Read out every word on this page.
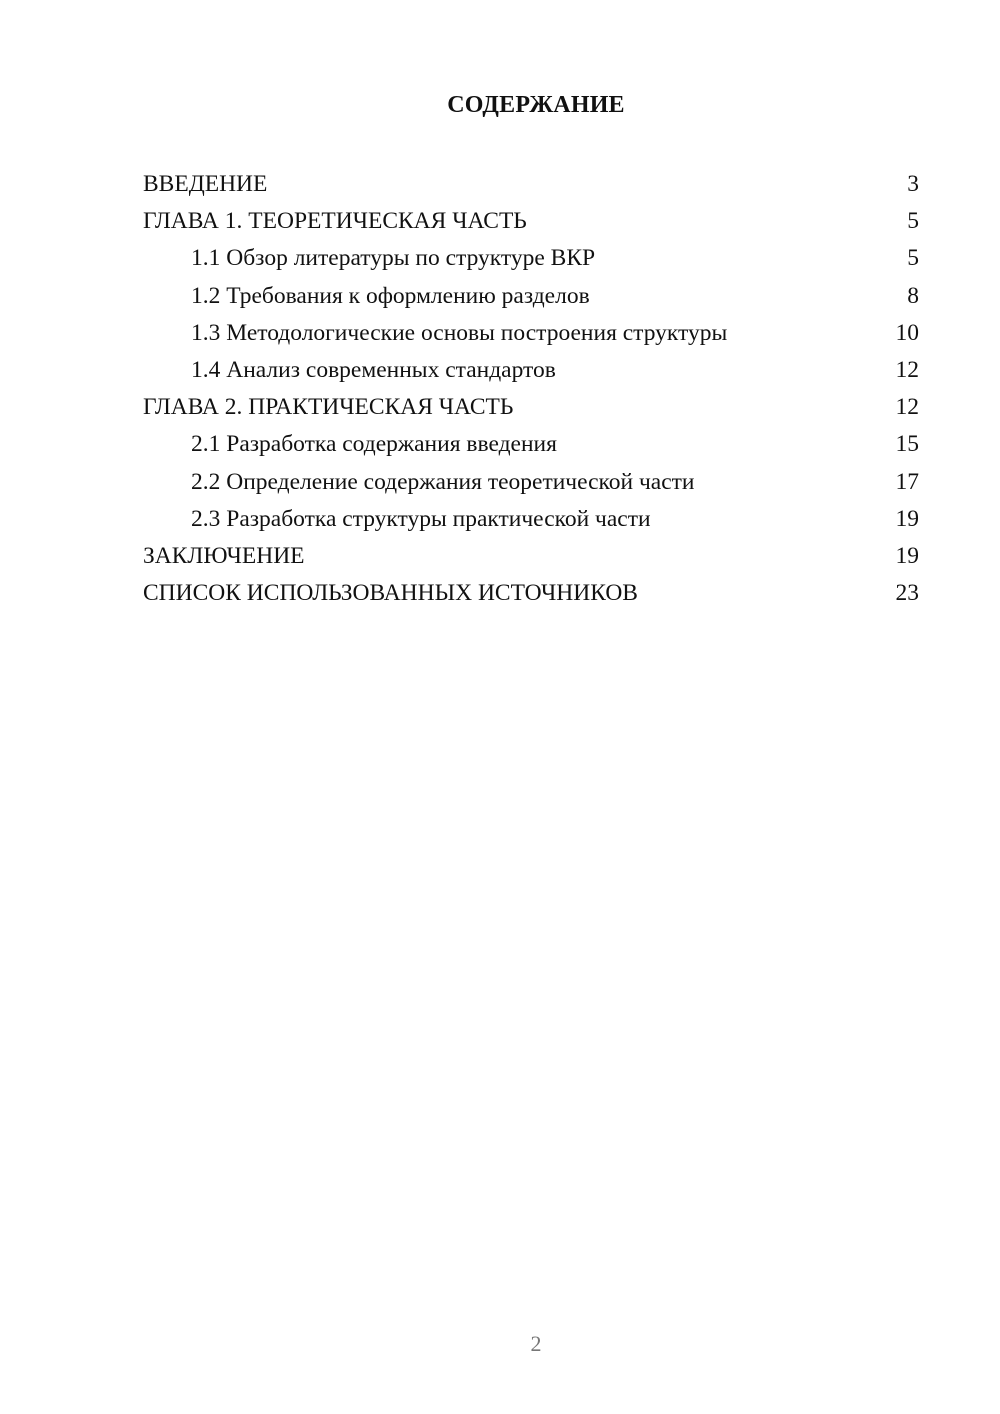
СОДЕРЖАНИЕ
ВВЕДЕНИЕ	3
ГЛАВА 1. ТЕОРЕТИЧЕСКАЯ ЧАСТЬ	5
1.1 Обзор литературы по структуре ВКР	5
1.2 Требования к оформлению разделов	8
1.3 Методологические основы построения структуры	10
1.4 Анализ современных стандартов	12
ГЛАВА 2. ПРАКТИЧЕСКАЯ ЧАСТЬ	12
2.1 Разработка содержания введения	15
2.2 Определение содержания теоретической части	17
2.3 Разработка структуры практической части	19
ЗАКЛЮЧЕНИЕ	19
СПИСОК ИСПОЛЬЗОВАННЫХ ИСТОЧНИКОВ	23
2
